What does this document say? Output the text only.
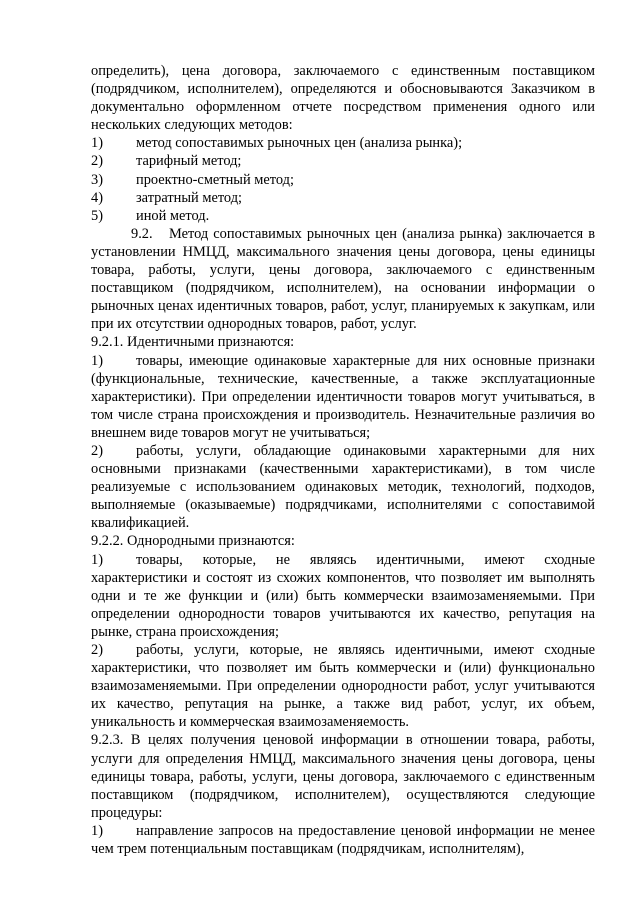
определить), цена договора, заключаемого с единственным поставщиком (подрядчиком, исполнителем), определяются и обосновываются Заказчиком в документально оформленном отчете посредством применения одного или нескольких следующих методов:

1)	метод сопоставимых рыночных цен (анализа рынка);
2)	тарифный метод;
3)	проектно-сметный метод;
4)	затратный метод;
5)	иной метод.

9.2. Метод сопоставимых рыночных цен (анализа рынка) заключается в установлении НМЦД, максимального значения цены договора, цены единицы товара, работы, услуги, цены договора, заключаемого с единственным поставщиком (подрядчиком, исполнителем), на основании информации о рыночных ценах идентичных товаров, работ, услуг, планируемых к закупкам, или при их отсутствии однородных товаров, работ, услуг.

9.2.1. Идентичными признаются:

1) товары, имеющие одинаковые характерные для них основные признаки (функциональные, технические, качественные, а также эксплуатационные характеристики). При определении идентичности товаров могут учитываться, в том числе страна происхождения и производитель. Незначительные различия во внешнем виде товаров могут не учитываться;

2) работы, услуги, обладающие одинаковыми характерными для них основными признаками (качественными характеристиками), в том числе реализуемые с использованием одинаковых методик, технологий, подходов, выполняемые (оказываемые) подрядчиками, исполнителями с сопоставимой квалификацией.

9.2.2. Однородными признаются:

1) товары, которые, не являясь идентичными, имеют сходные характеристики и состоят из схожих компонентов, что позволяет им выполнять одни и те же функции и (или) быть коммерчески взаимозаменяемыми. При определении однородности товаров учитываются их качество, репутация на рынке, страна происхождения;

2) работы, услуги, которые, не являясь идентичными, имеют сходные характеристики, что позволяет им быть коммерчески и (или) функционально взаимозаменяемыми. При определении однородности работ, услуг учитываются их качество, репутация на рынке, а также вид работ, услуг, их объем, уникальность и коммерческая взаимозаменяемость.

9.2.3. В целях получения ценовой информации в отношении товара, работы, услуги для определения НМЦД, максимального значения цены договора, цены единицы товара, работы, услуги, цены договора, заключаемого с единственным поставщиком (подрядчиком, исполнителем), осуществляются следующие процедуры:

1) направление запросов на предоставление ценовой информации не менее чем трем потенциальным поставщикам (подрядчикам, исполнителям),
